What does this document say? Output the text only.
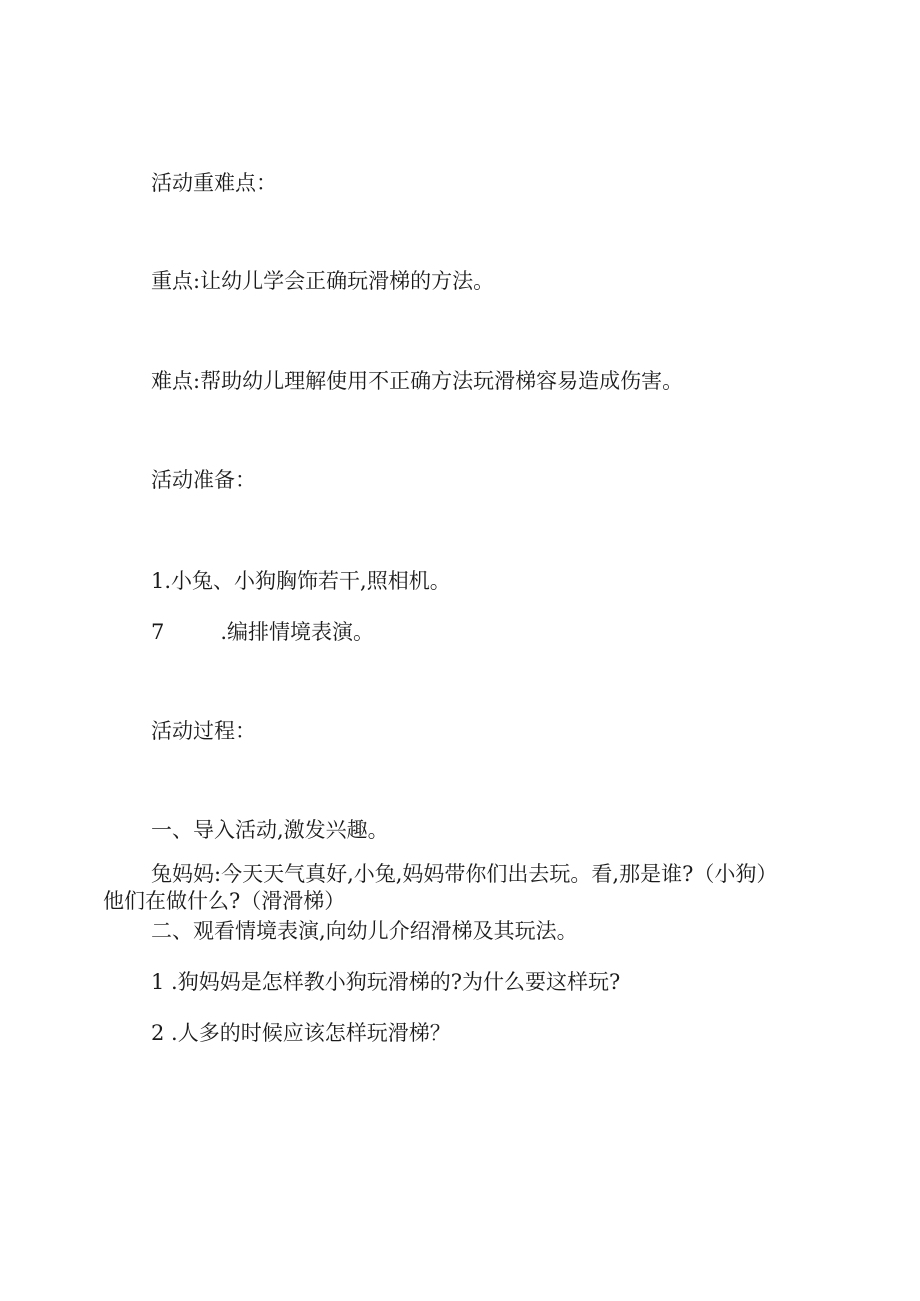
活动重难点：

重点:让幼儿学会正确玩滑梯的方法。

难点:帮助幼儿理解使用不正确方法玩滑梯容易造成伤害。

活动准备：

1.小兔、小狗胸饰若干,照相机。

7	.编排情境表演。

活动过程：

一、导入活动,激发兴趣。

兔妈妈:今天天气真好,小兔,妈妈带你们出去玩。看,那是谁?（小狗）

他们在做什么?（滑滑梯）

二、观看情境表演,向幼儿介绍滑梯及其玩法。

1 .狗妈妈是怎样教小狗玩滑梯的?为什么要这样玩?

2 .人多的时候应该怎样玩滑梯？
